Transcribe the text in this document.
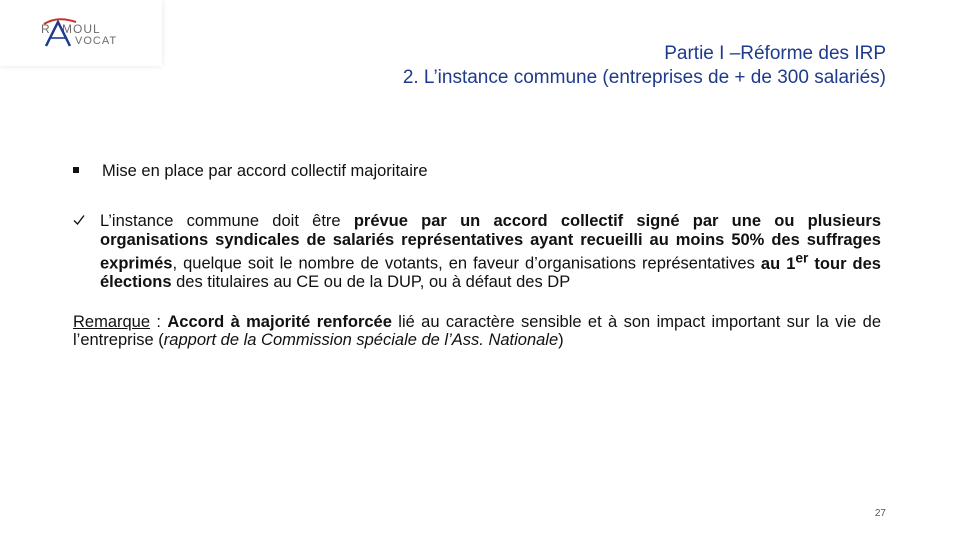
R MOUL
VOCAT
Partie I –Réforme des IRP
2. L’instance commune (entreprises de + de 300 salariés)
Mise en place par accord collectif majoritaire
L’instance commune doit être prévue par un accord collectif signé par une ou plusieurs organisations syndicales de salariés représentatives ayant recueilli au moins 50% des suffrages exprimés, quelque soit le nombre de votants, en faveur d’organisations représentatives au 1er tour des élections des titulaires au CE ou de la DUP, ou à défaut des DP
Remarque : Accord à majorité renforcée lié au caractère sensible et à son impact important sur la vie de l’entreprise (rapport de la Commission spéciale de l’Ass. Nationale)
27
